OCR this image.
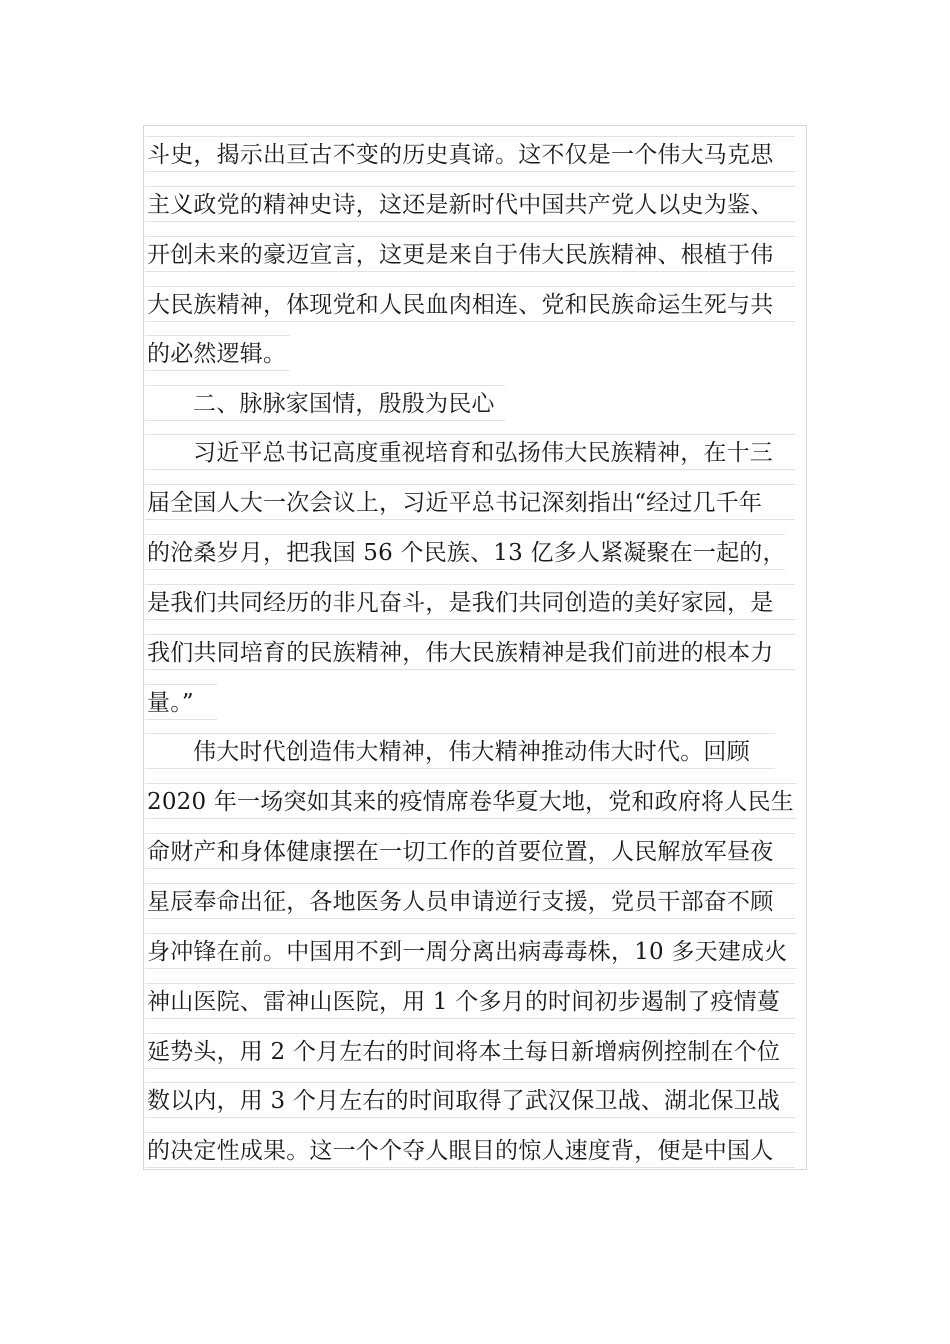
斗史，揭示出亘古不变的历史真谛。这不仅是一个伟大马克思
主义政党的精神史诗，这还是新时代中国共产党人以史为鉴、
开创未来的豪迈宣言，这更是来自于伟大民族精神、根植于伟
大民族精神，体现党和人民血肉相连、党和民族命运生死与共
的必然逻辑。
二、脉脉家国情，殷殷为民心
习近平总书记高度重视培育和弘扬伟大民族精神，在十三
届全国人大一次会议上，习近平总书记深刻指出“经过几千年
的沧桑岁月，把我国 56 个民族、13 亿多人紧凝聚在一起的，
是我们共同经历的非凡奋斗，是我们共同创造的美好家园，是
我们共同培育的民族精神，伟大民族精神是我们前进的根本力
量。”
伟大时代创造伟大精神，伟大精神推动伟大时代。回顾
2020 年一场突如其来的疫情席卷华夏大地，党和政府将人民生
命财产和身体健康摆在一切工作的首要位置，人民解放军昼夜
星辰奉命出征，各地医务人员申请逆行支援，党员干部奋不顾
身冲锋在前。中国用不到一周分离出病毒毒株，10 多天建成火
神山医院、雷神山医院，用 1 个多月的时间初步遏制了疫情蔓
延势头，用 2 个月左右的时间将本土每日新增病例控制在个位
数以内，用 3 个月左右的时间取得了武汉保卫战、湖北保卫战
的决定性成果。这一个个夺人眼目的惊人速度背，便是中国人
